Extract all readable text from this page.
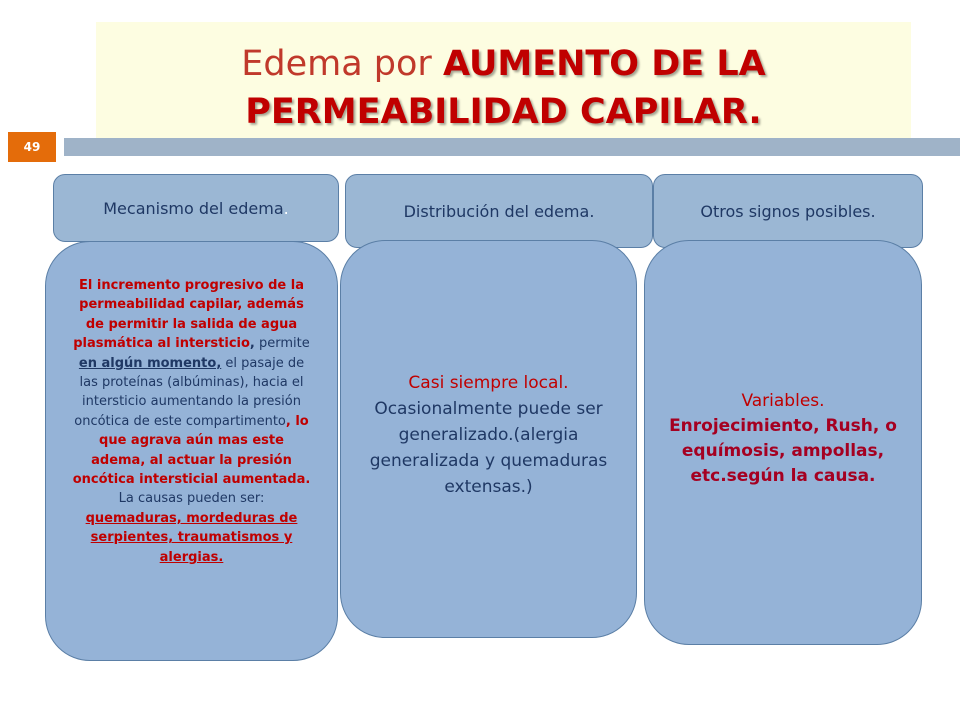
Edema por AUMENTO DE LA
PERMEABILIDAD CAPILAR.
49
Mecanismo del edema .	Distribución del edema.	Otros signos posibles.
El incremento progresivo de la permeabilidad capilar, además de permitir la salida de agua plasmática al intersticio, permite en algún momento, el pasaje de las proteínas (albúminas), hacia el intersticio aumentando la presión oncótica de este compartimento, lo que agrava aún mas este adema, al actuar la presión oncótica intersticial aumentada. La causas pueden ser: quemaduras, mordeduras de serpientes, traumatismos y alergias.
Casi siempre local.
Ocasionalmente puede ser generalizado.(alergia generalizada y quemaduras extensas.)
Variables.
Enrojecimiento, Rush, o equímosis, ampollas, etc.según la causa.
